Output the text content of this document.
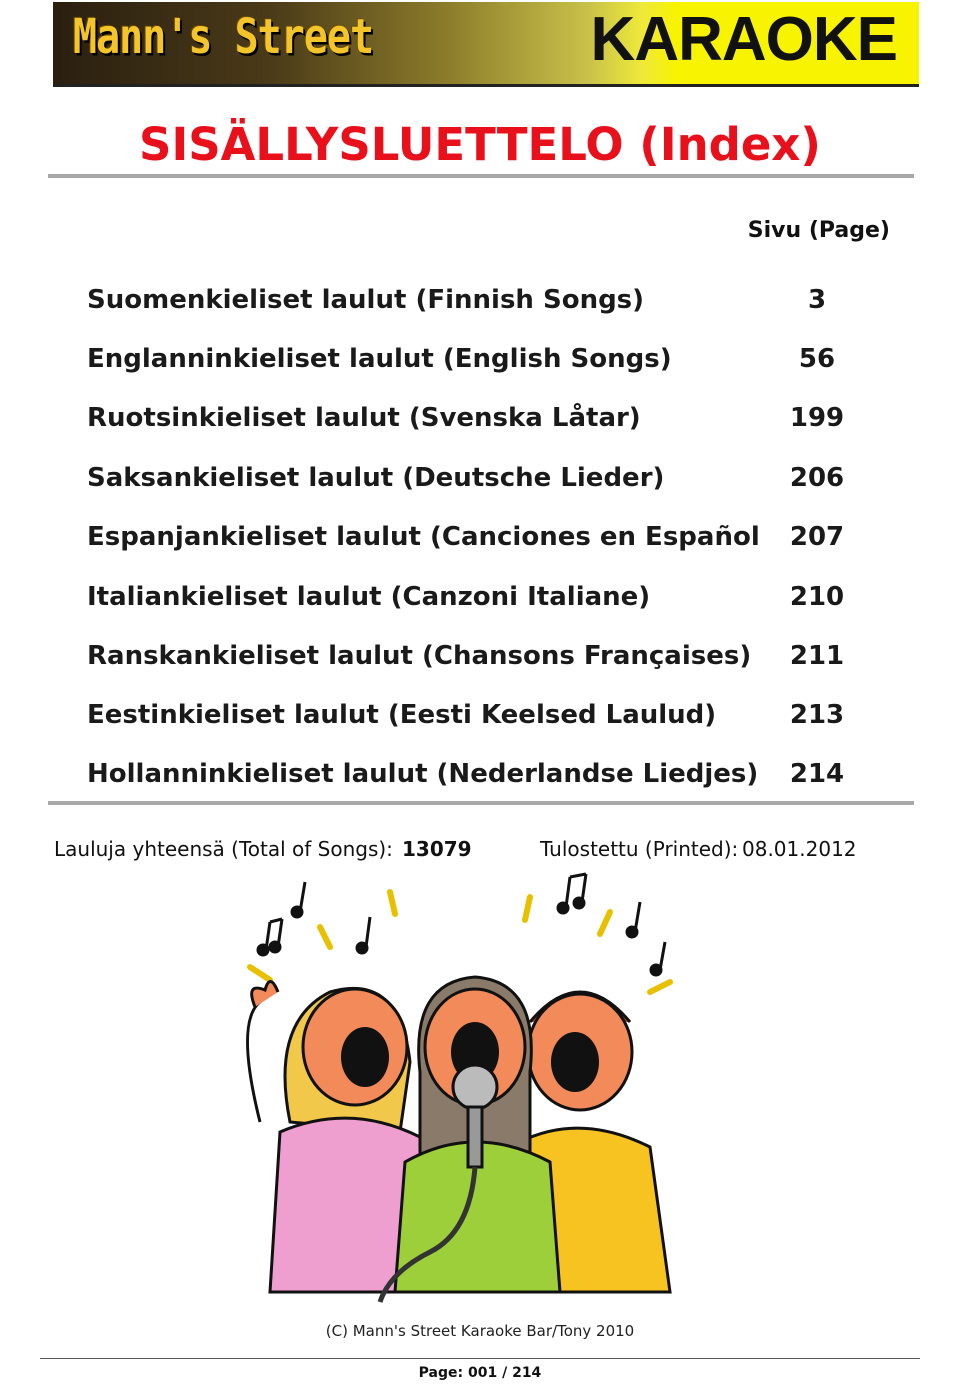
Mann's Street	KARAOKE
SISÄLLYSLUETTELO (Index)
Sivu (Page)
Suomenkieliset laulut (Finnish Songs)	3
Englanninkieliset laulut (English Songs)	56
Ruotsinkieliset laulut (Svenska Låtar)	199
Saksankieliset laulut (Deutsche Lieder)	206
Espanjankieliset laulut (Canciones en Español	207
Italiankieliset laulut (Canzoni Italiane)	210
Ranskankieliset laulut (Chansons Françaises)	211
Eestinkieliset laulut (Eesti Keelsed Laulud)	213
Hollanninkieliset laulut (Nederlandse Liedjes)	214
Lauluja yhteensä (Total of Songs): 13079	Tulostettu (Printed): 08.01.2012
(C) Mann's Street Karaoke Bar/Tony 2010
Page: 001 / 214
